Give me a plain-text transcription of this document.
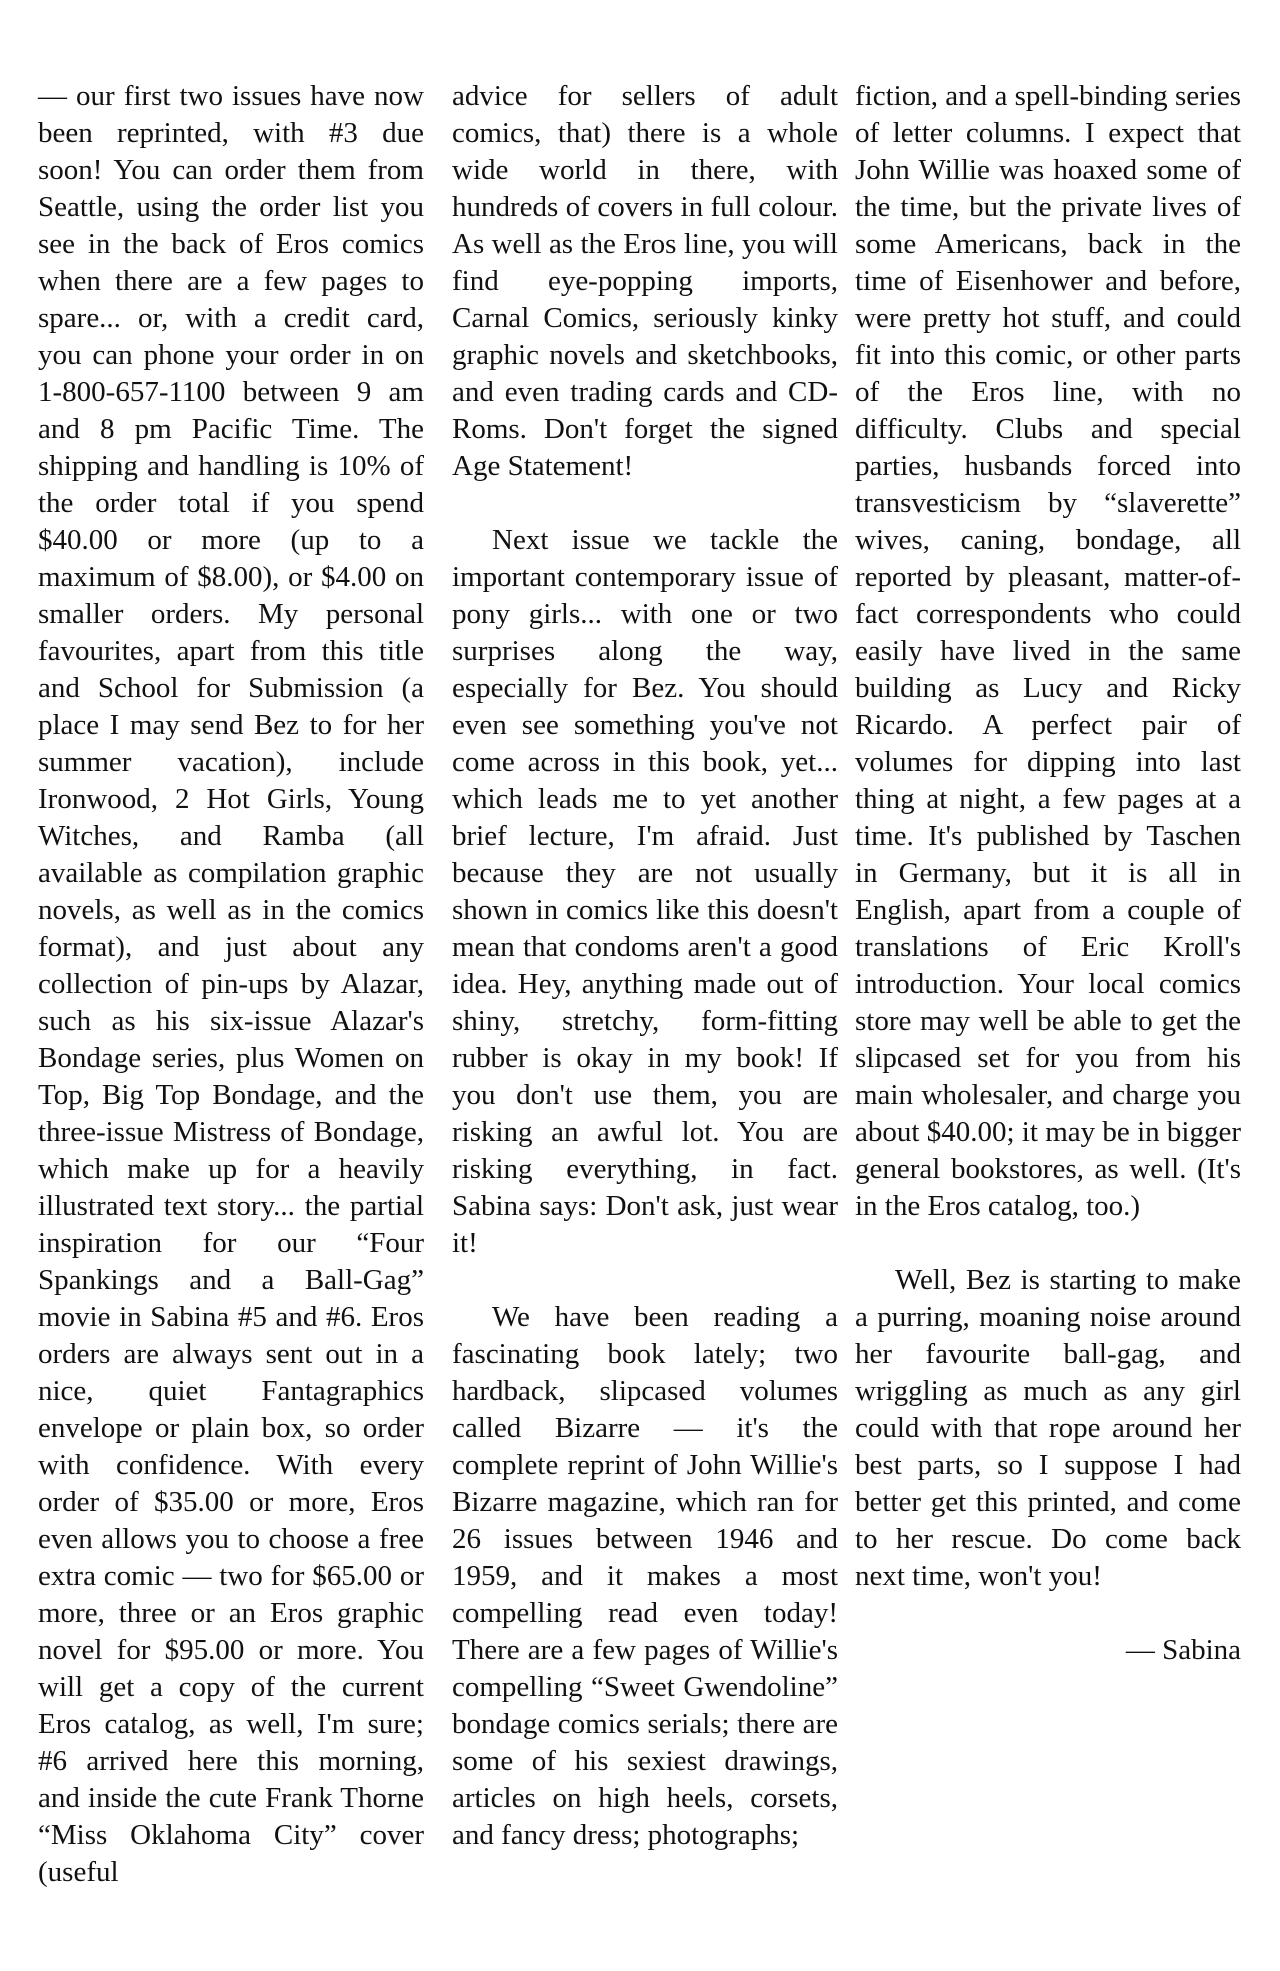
— our first two issues have now been reprinted, with #3 due soon! You can order them from Seattle, using the order list you see in the back of Eros comics when there are a few pages to spare... or, with a credit card, you can phone your order in on 1-800-657-1100 between 9 am and 8 pm Pacific Time. The shipping and handling is 10% of the order total if you spend $40.00 or more (up to a maximum of $8.00), or $4.00 on smaller orders. My personal favourites, apart from this title and School for Submission (a place I may send Bez to for her summer vacation), include Ironwood, 2 Hot Girls, Young Witches, and Ramba (all available as compilation graphic novels, as well as in the comics format), and just about any collection of pin-ups by Alazar, such as his six-issue Alazar's Bondage series, plus Women on Top, Big Top Bondage, and the three-issue Mistress of Bondage, which make up for a heavily illustrated text story... the partial inspiration for our “Four Spankings and a Ball-Gag” movie in Sabina #5 and #6. Eros orders are always sent out in a nice, quiet Fantagraphics envelope or plain box, so order with confidence. With every order of $35.00 or more, Eros even allows you to choose a free extra comic — two for $65.00 or more, three or an Eros graphic novel for $95.00 or more. You will get a copy of the current Eros catalog, as well, I'm sure; #6 arrived here this morning, and inside the cute Frank Thorne “Miss Oklahoma City” cover (useful

advice for sellers of adult comics, that) there is a whole wide world in there, with hundreds of covers in full colour. As well as the Eros line, you will find eye-popping imports, Carnal Comics, seriously kinky graphic novels and sketchbooks, and even trading cards and CD-Roms. Don't forget the signed Age Statement!

Next issue we tackle the important contemporary issue of pony girls... with one or two surprises along the way, especially for Bez. You should even see something you've not come across in this book, yet... which leads me to yet another brief lecture, I'm afraid. Just because they are not usually shown in comics like this doesn't mean that condoms aren't a good idea. Hey, anything made out of shiny, stretchy, form-fitting rubber is okay in my book! If you don't use them, you are risking an awful lot. You are risking everything, in fact. Sabina says: Don't ask, just wear it!

We have been reading a fascinating book lately; two hardback, slipcased volumes called Bizarre — it's the complete reprint of John Willie's Bizarre magazine, which ran for 26 issues between 1946 and 1959, and it makes a most compelling read even today! There are a few pages of Willie's compelling “Sweet Gwendoline” bondage comics serials; there are some of his sexiest drawings, articles on high heels, corsets, and fancy dress; photographs;

fiction, and a spell-binding series of letter columns. I expect that John Willie was hoaxed some of the time, but the private lives of some Americans, back in the time of Eisenhower and before, were pretty hot stuff, and could fit into this comic, or other parts of the Eros line, with no difficulty. Clubs and special parties, husbands forced into transvesticism by “slaverette” wives, caning, bondage, all reported by pleasant, matter-of-fact correspondents who could easily have lived in the same building as Lucy and Ricky Ricardo. A perfect pair of volumes for dipping into last thing at night, a few pages at a time. It's published by Taschen in Germany, but it is all in English, apart from a couple of translations of Eric Kroll's introduction. Your local comics store may well be able to get the slipcased set for you from his main wholesaler, and charge you about $40.00; it may be in bigger general bookstores, as well. (It's in the Eros catalog, too.)

Well, Bez is starting to make a purring, moaning noise around her favourite ball-gag, and wriggling as much as any girl could with that rope around her best parts, so I suppose I had better get this printed, and come to her rescue. Do come back next time, won't you!

— Sabina
